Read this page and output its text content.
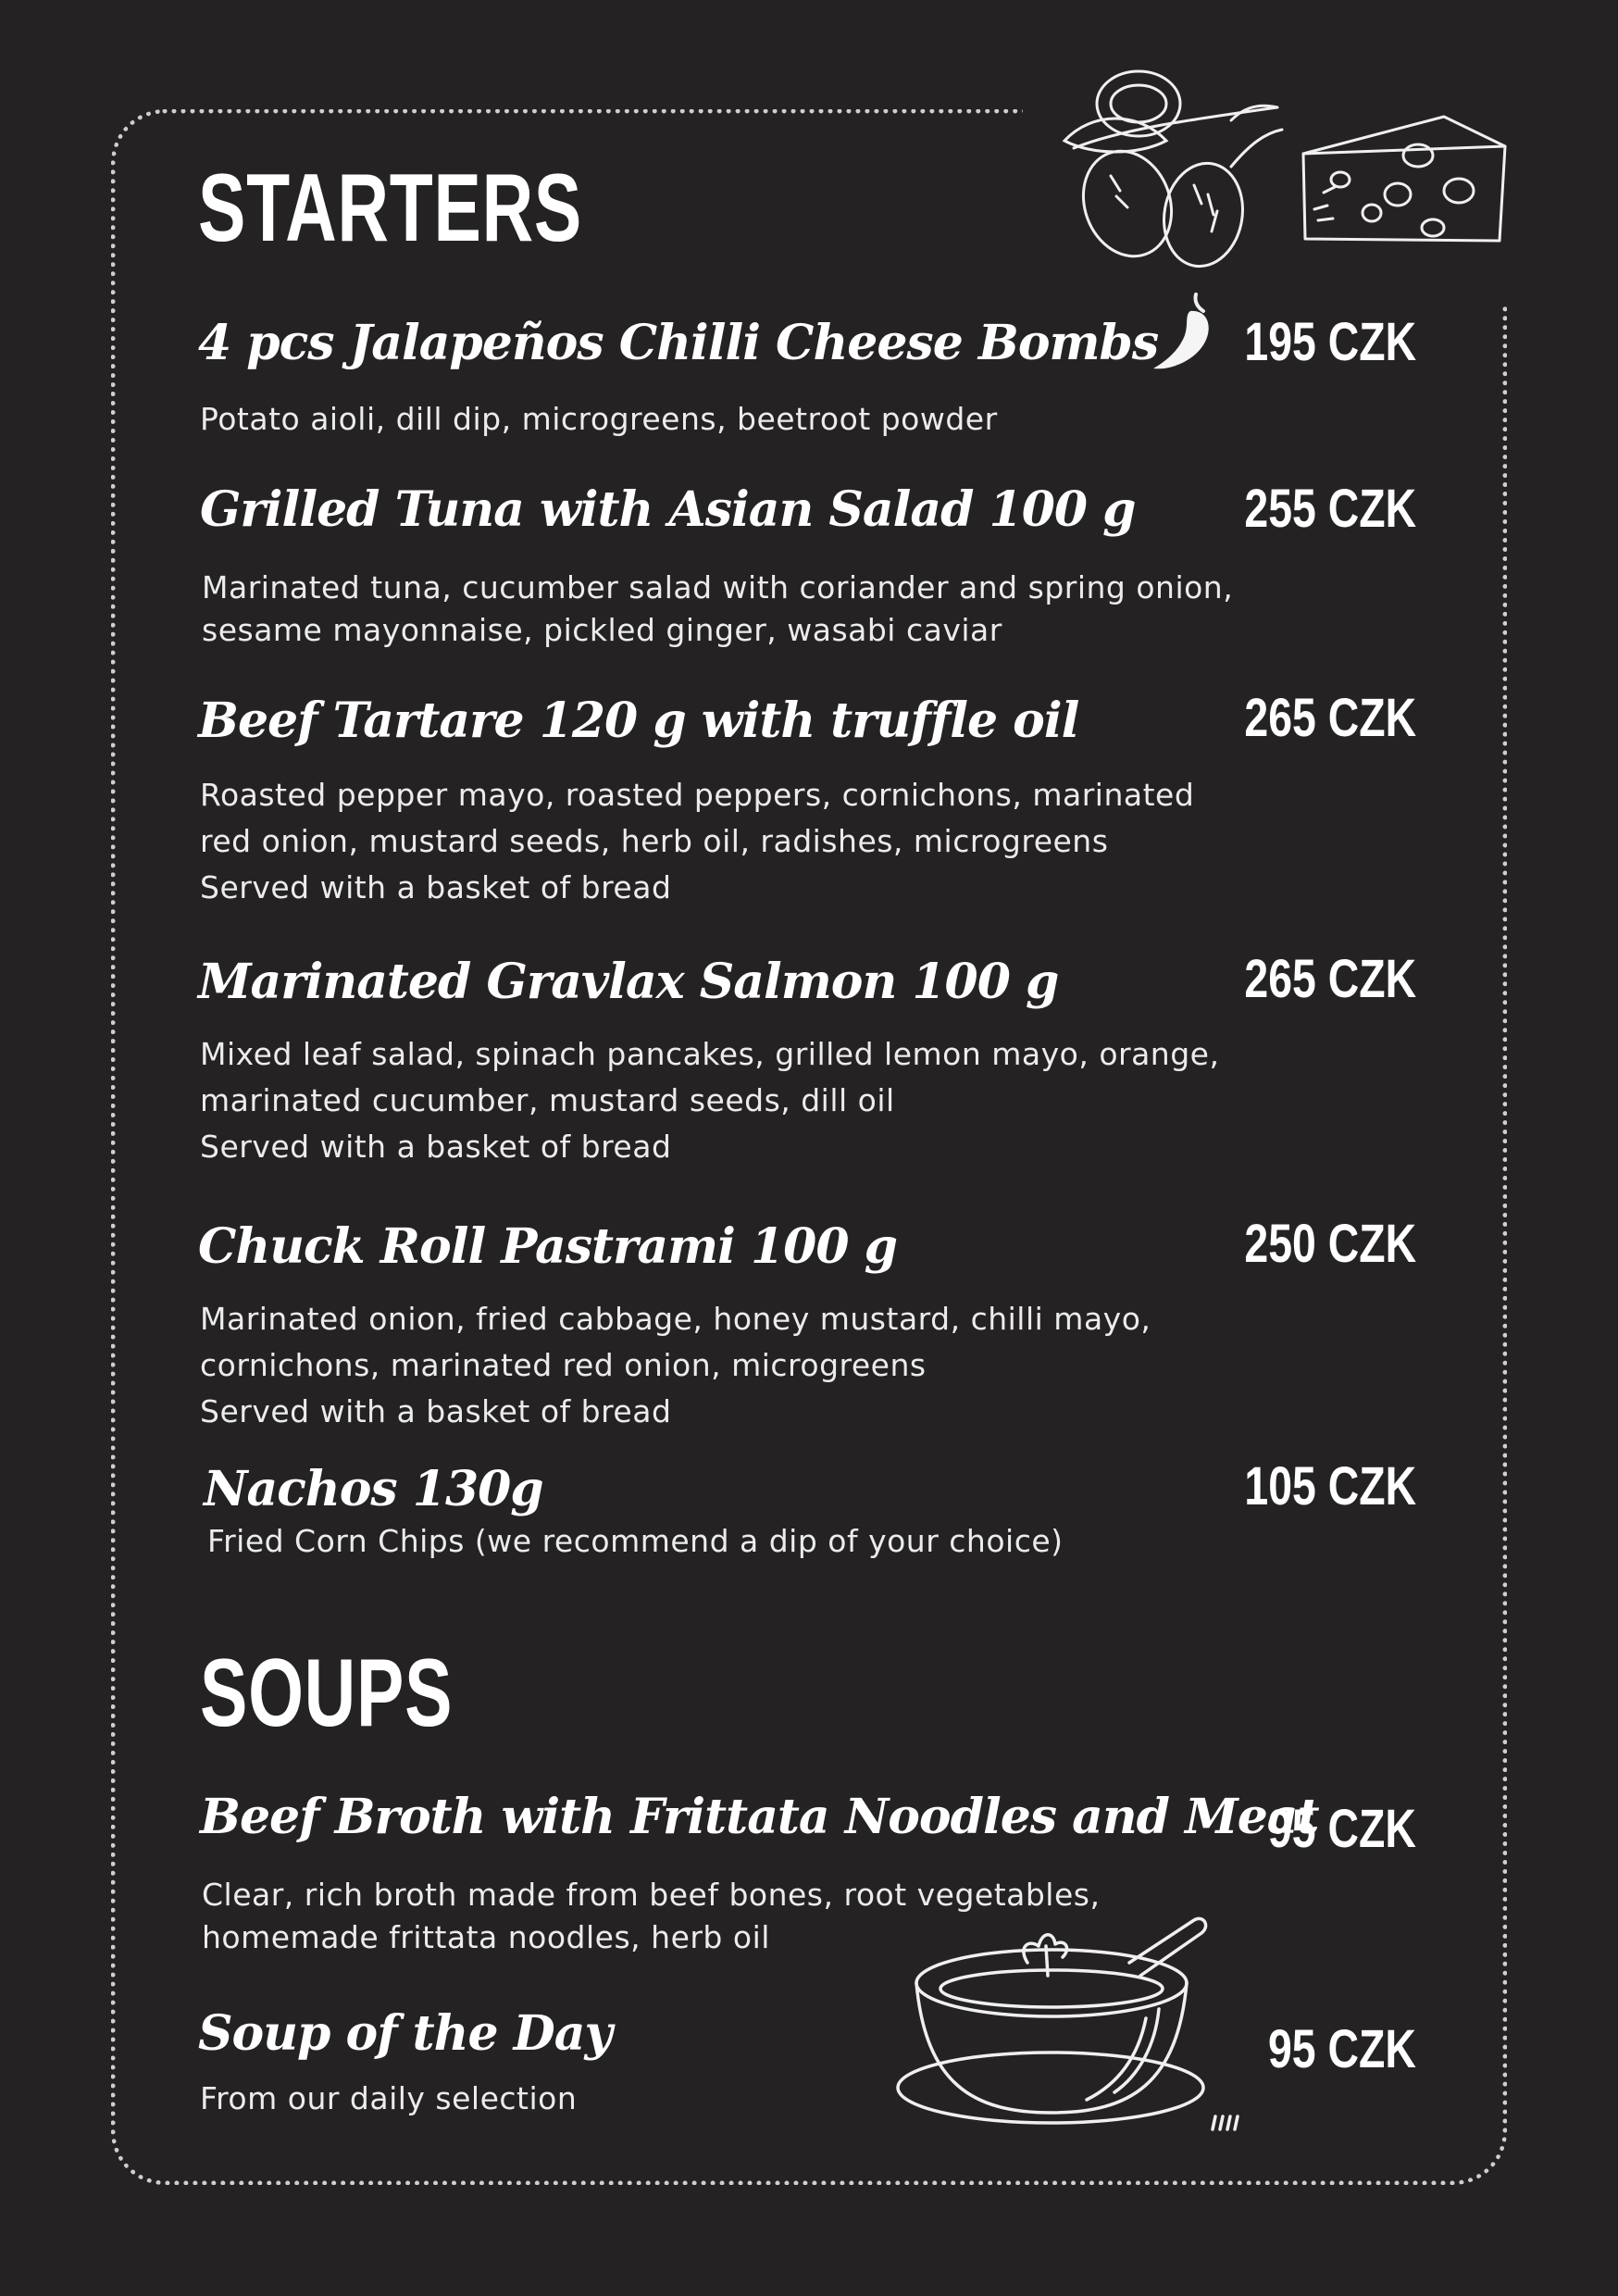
STARTERS
4 pcs Jalapeños Chilli Cheese Bombs
Potato aioli, dill dip, microgreens, beetroot powder
195 CZK
Grilled Tuna with Asian Salad 100 g
Marinated tuna, cucumber salad with coriander and spring onion,
sesame mayonnaise, pickled ginger, wasabi caviar
255 CZK
Beef Tartare 120 g with truffle oil
Roasted pepper mayo, roasted peppers, cornichons, marinated
red onion, mustard seeds, herb oil, radishes, microgreens
Served with a basket of bread
265 CZK
Marinated Gravlax Salmon 100 g
Mixed leaf salad, spinach pancakes, grilled lemon mayo, orange,
marinated cucumber, mustard seeds, dill oil
Served with a basket of bread
265 CZK
Chuck Roll Pastrami 100 g
Marinated onion, fried cabbage, honey mustard, chilli mayo,
cornichons, marinated red onion, microgreens
Served with a basket of bread
250 CZK
Nachos 130g
Fried Corn Chips (we recommend a dip of your choice)
105 CZK
SOUPS
Beef Broth with Frittata Noodles and Meat
Clear, rich broth made from beef bones, root vegetables,
homemade frittata noodles, herb oil
95 CZK
Soup of the Day
From our daily selection
95 CZK
